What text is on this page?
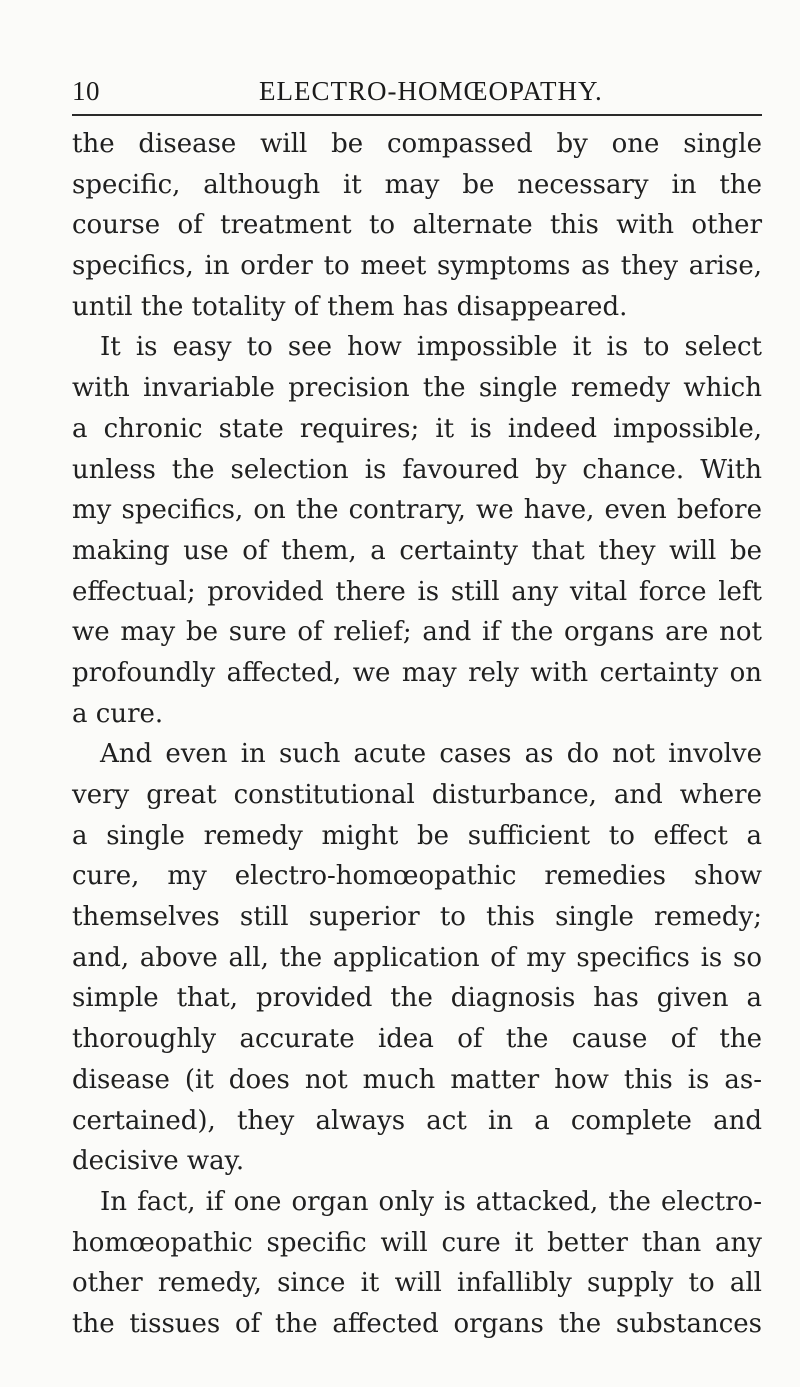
10	ELECTRO-HOMŒOPATHY.
the disease will be compassed by one single
specific, although it may be necessary in the
course of treatment to alternate this with other
specifics, in order to meet symptoms as they arise,
until the totality of them has disappeared.
It is easy to see how impossible it is to select
with invariable precision the single remedy which
a chronic state requires; it is indeed impossible,
unless the selection is favoured by chance. With
my specifics, on the contrary, we have, even before
making use of them, a certainty that they will be
effectual; provided there is still any vital force left
we may be sure of relief; and if the organs are not
profoundly affected, we may rely with certainty on
a cure.
And even in such acute cases as do not involve
very great constitutional disturbance, and where
a single remedy might be sufficient to effect a
cure, my electro-homœopathic remedies show
themselves still superior to this single remedy;
and, above all, the application of my specifics is so
simple that, provided the diagnosis has given a
thoroughly accurate idea of the cause of the
disease (it does not much matter how this is as-
certained), they always act in a complete and
decisive way.
In fact, if one organ only is attacked, the electro-
homœopathic specific will cure it better than any
other remedy, since it will infallibly supply to all
the tissues of the affected organs the substances
